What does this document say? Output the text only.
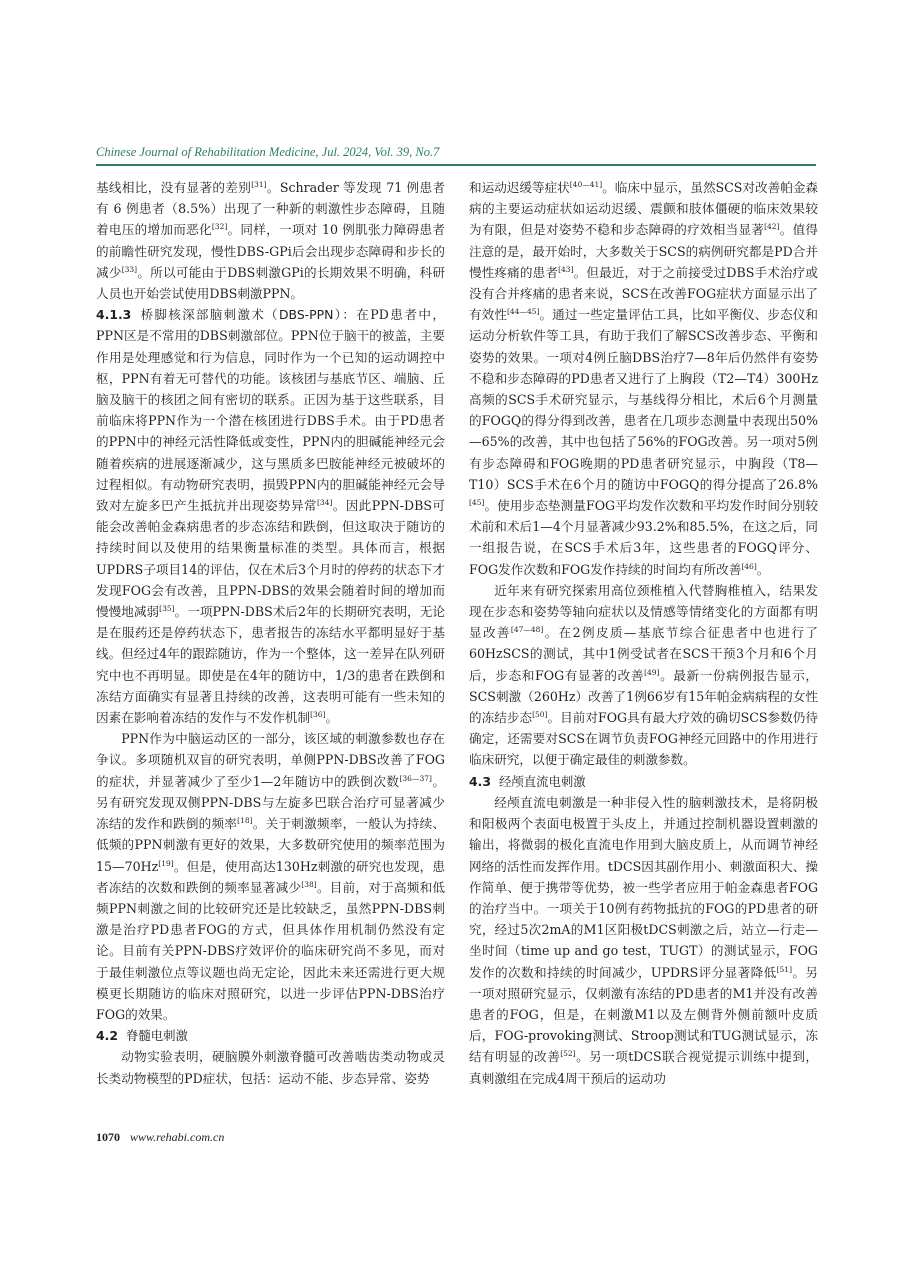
Chinese Journal of Rehabilitation Medicine, Jul. 2024, Vol. 39, No.7

基线相比，没有显著的差别[31]。Schrader 等发现 71 例患者有 6 例患者（8.5%）出现了一种新的刺激性步态障碍，且随着电压的增加而恶化[32]。同样，一项对 10 例肌张力障碍患者的前瞻性研究发现，慢性DBS-GPi后会出现步态障碍和步长的减少[33]。所以可能由于DBS刺激GPi的长期效果不明确，科研人员也开始尝试使用DBS刺激PPN。

4.1.3 桥脚核深部脑刺激术（DBS-PPN）：在PD患者中，PPN区是不常用的DBS刺激部位。PPN位于脑干的被盖，主要作用是处理感觉和行为信息，同时作为一个已知的运动调控中枢，PPN有着无可替代的功能。该核团与基底节区、端脑、丘脑及脑干的核团之间有密切的联系。正因为基于这些联系，目前临床将PPN作为一个潜在核团进行DBS手术。由于PD患者的PPN中的神经元活性降低或变性，PPN内的胆碱能神经元会随着疾病的进展逐渐减少，这与黑质多巴胺能神经元被破坏的过程相似。有动物研究表明，损毁PPN内的胆碱能神经元会导致对左旋多巴产生抵抗并出现姿势异常[34]。因此PPN-DBS可能会改善帕金森病患者的步态冻结和跌倒，但这取决于随访的持续时间以及使用的结果衡量标准的类型。具体而言，根据UPDRS子项目14的评估，仅在术后3个月时的停药的状态下才发现FOG会有改善，且PPN-DBS的效果会随着时间的增加而慢慢地减弱[35]。一项PPN-DBS术后2年的长期研究表明，无论是在服药还是停药状态下，患者报告的冻结水平都明显好于基线。但经过4年的跟踪随访，作为一个整体，这一差异在队列研究中也不再明显。即使是在4年的随访中，1/3的患者在跌倒和冻结方面确实有显著且持续的改善，这表明可能有一些未知的因素在影响着冻结的发作与不发作机制[36]。

PPN作为中脑运动区的一部分，该区域的刺激参数也存在争议。多项随机双盲的研究表明，单侧PPN-DBS改善了FOG的症状，并显著减少了至少1—2年随访中的跌倒次数[36—37]。另有研究发现双侧PPN-DBS与左旋多巴联合治疗可显著减少冻结的发作和跌倒的频率[18]。关于刺激频率，一般认为持续、低频的PPN刺激有更好的效果，大多数研究使用的频率范围为15—70Hz[19]。但是，使用高达130Hz刺激的研究也发现，患者冻结的次数和跌倒的频率显著减少[38]。目前，对于高频和低频PPN刺激之间的比较研究还是比较缺乏，虽然PPN-DBS刺激是治疗PD患者FOG的方式，但具体作用机制仍然没有定论。目前有关PPN-DBS疗效评价的临床研究尚不多见，而对于最佳刺激位点等议题也尚无定论，因此未来还需进行更大规模更长期随访的临床对照研究，以进一步评估PPN-DBS治疗FOG的效果。

4.2 脊髓电刺激

动物实验表明，硬脑膜外刺激脊髓可改善啮齿类动物或灵长类动物模型的PD症状，包括：运动不能、步态异常、姿势

和运动迟缓等症状[40—41]。临床中显示，虽然SCS对改善帕金森病的主要运动症状如运动迟缓、震颤和肢体僵硬的临床效果较为有限，但是对姿势不稳和步态障碍的疗效相当显著[42]。值得注意的是，最开始时，大多数关于SCS的病例研究都是PD合并慢性疼痛的患者[43]。但最近，对于之前接受过DBS手术治疗或没有合并疼痛的患者来说，SCS在改善FOG症状方面显示出了有效性[44—45]。通过一些定量评估工具，比如平衡仪、步态仪和运动分析软件等工具，有助于我们了解SCS改善步态、平衡和姿势的效果。一项对4例丘脑DBS治疗7—8年后仍然伴有姿势不稳和步态障碍的PD患者又进行了上胸段（T2—T4）300Hz高频的SCS手术研究显示，与基线得分相比，术后6个月测量的FOGQ的得分得到改善，患者在几项步态测量中表现出50%—65%的改善，其中也包括了56%的FOG改善。另一项对5例有步态障碍和FOG晚期的PD患者研究显示，中胸段（T8—T10）SCS手术在6个月的随访中FOGQ的得分提高了26.8%[45]。使用步态垫测量FOG平均发作次数和平均发作时间分别较术前和术后1—4个月显著减少93.2%和85.5%，在这之后，同一组报告说，在SCS手术后3年，这些患者的FOGQ评分、FOG发作次数和FOG发作持续的时间均有所改善[46]。

近年来有研究探索用高位颈椎植入代替胸椎植入，结果发现在步态和姿势等轴向症状以及情感等情绪变化的方面都有明显改善[47—48]。在2例皮质—基底节综合征患者中也进行了60HzSCS的测试，其中1例受试者在SCS干预3个月和6个月后，步态和FOG有显著的改善[49]。最新一份病例报告显示，SCS刺激（260Hz）改善了1例66岁有15年帕金病病程的女性的冻结步态[50]。目前对FOG具有最大疗效的确切SCS参数仍待确定，还需要对SCS在调节负责FOG神经元回路中的作用进行临床研究，以便于确定最佳的刺激参数。

4.3 经颅直流电刺激

经颅直流电刺激是一种非侵入性的脑刺激技术，是将阴极和阳极两个表面电极置于头皮上，并通过控制机器设置刺激的输出，将微弱的极化直流电作用到大脑皮质上，从而调节神经网络的活性而发挥作用。tDCS因其副作用小、刺激面积大、操作简单、便于携带等优势，被一些学者应用于帕金森患者FOG的治疗当中。一项关于10例有药物抵抗的FOG的PD患者的研究，经过5次2mA的M1区阳极tDCS刺激之后，站立—行走—坐时间（time up and go test，TUGT）的测试显示，FOG发作的次数和持续的时间减少，UPDRS评分显著降低[51]。另一项对照研究显示，仅刺激有冻结的PD患者的M1并没有改善患者的FOG，但是，在刺激M1以及左侧背外侧前额叶皮质后，FOG-provoking测试、Stroop测试和TUG测试显示，冻结有明显的改善[52]。另一项tDCS联合视觉提示训练中提到，真刺激组在完成4周干预后的运动功

1070 www.rehabi.com.cn
